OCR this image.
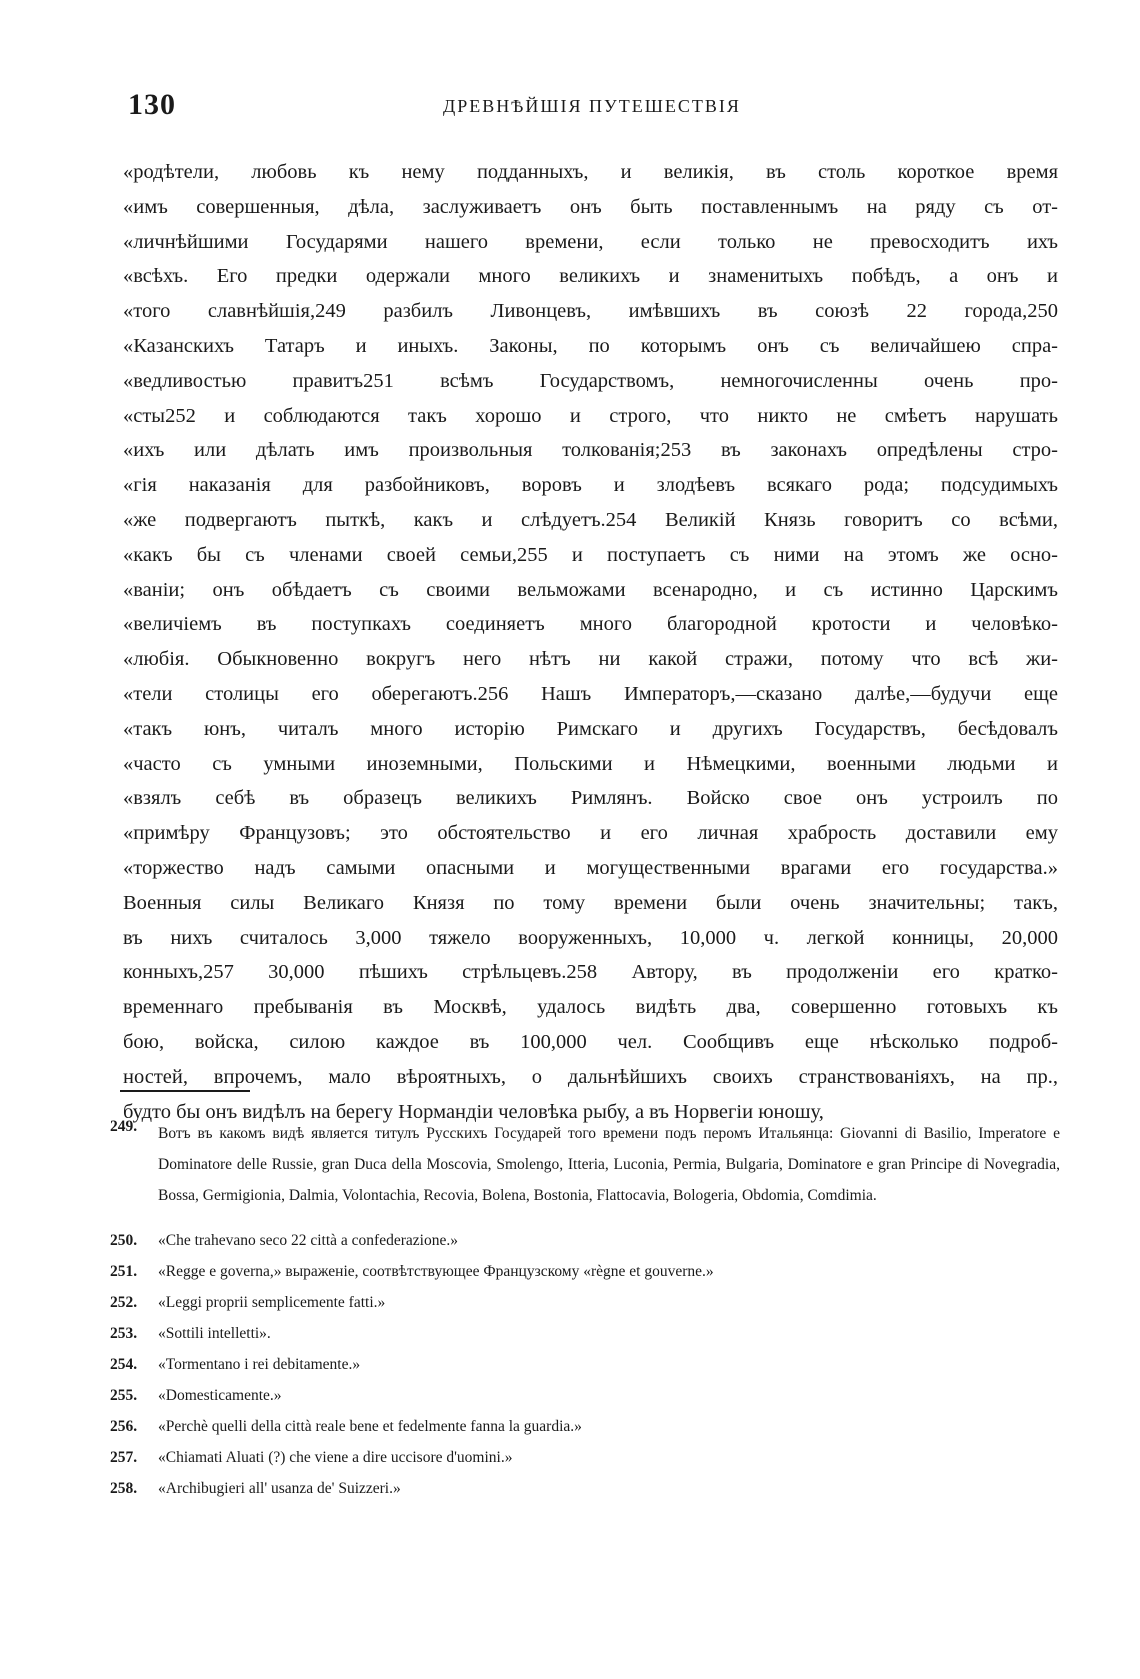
130	ДРЕВНѢЙШІЯ ПУТЕШЕСТВІЯ
«родѣтели, любовь къ нему подданныхъ, и великія, въ столь короткое время
«имъ совершенныя, дѣла, заслуживаетъ онъ быть поставленнымъ на ряду съ от-
«личнѣйшими Государями нашего времени, если только не превосходитъ ихъ
«всѣхъ. Его предки одержали много великихъ и знаменитыхъ побѣдъ, а онъ и
«того славнѣйшія,249 разбилъ Ливонцевъ, имѣвшихъ въ союзѣ 22 города,250
«Казанскихъ Татаръ и иныхъ. Законы, по которымъ онъ съ величайшею спра-
«ведливостью правитъ251 всѣмъ Государствомъ, немногочисленны очень про-
«сты252 и соблюдаются такъ хорошо и строго, что никто не смѣетъ нарушать
«ихъ или дѣлать имъ произвольныя толкованія;253 въ законахъ опредѣлены стро-
«гія наказанія для разбойниковъ, воровъ и злодѣевъ всякаго рода; подсудимыхъ
«же подвергаютъ пыткѣ, какъ и слѣдуетъ.254 Великій Князь говоритъ со всѣми,
«какъ бы съ членами своей семьи,255 и поступаетъ съ ними на этомъ же осно-
«ваніи; онъ обѣдаетъ съ своими вельможами всенародно, и съ истинно Царскимъ
«величіемъ въ поступкахъ соединяетъ много благородной кротости и человѣко-
«любія. Обыкновенно вокругъ него нѣтъ ни какой стражи, потому что всѣ жи-
«тели столицы его оберегаютъ.256 Нашъ Императоръ,—сказано далѣе,—будучи еще
«такъ юнъ, читалъ много исторію Римскаго и другихъ Государствъ, бесѣдовалъ
«часто съ умными иноземными, Польскими и Нѣмецкими, военными людьми и
«взялъ себѣ въ образецъ великихъ Римлянъ. Войско свое онъ устроилъ по
«примѣру Французовъ; это обстоятельство и его личная храбрость доставили ему
«торжество надъ самыми опасными и могущественными врагами его государства.»
Военныя силы Великаго Князя по тому времени были очень значительны; такъ,
въ нихъ считалось 3,000 тяжело вооруженныхъ, 10,000 ч. легкой конницы, 20,000
конныхъ,257 30,000 пѣшихъ стрѣльцевъ.258 Автору, въ продолженіи его кратко-
временнаго пребыванія въ Москвѣ, удалось видѣть два, совершенно готовыхъ къ
бою, войска, силою каждое въ 100,000 чел. Сообщивъ еще нѣсколько подроб-
ностей, впрочемъ, мало вѣроятныхъ, о дальнѣйшихъ своихъ странствованіяхъ, на пр.,
будто бы онъ видѣлъ на берегу Нормандіи человѣка рыбу, а въ Норвегіи юношу,
249.	Вотъ въ какомъ видѣ является титулъ Русскихъ Государей того времени подъ перомъ Итальянца: Giovanni di Basilio, Imperatore e Dominatore delle Russie, gran Duca della Moscovia, Smolengo, Itteria, Luconia, Permia, Bulgaria, Dominatore e gran Principe di Novegradia, Bossa, Germigionia, Dalmia, Volontachia, Recovia, Bolena, Bostonia, Flattocavia, Bologeria, Obdomia, Comdimia.
250.	«Che trahevano seco 22 città a confederazione.»
251.	«Regge e governa,» выраженіе, соотвѣтствующее Французскому «règne et gouverne.»
252.	«Leggi proprii semplicemente fatti.»
253.	«Sottili intelletti».
254.	«Tormentano i rei debitamente.»
255.	«Domesticamente.»
256.	«Perchè quelli della città reale bene et fedelmente fanna la guardia.»
257.	«Chiamati Aluati (?) che viene a dire uccisore d'uomini.»
258.	«Archibugieri all' usanza de' Suizzeri.»
